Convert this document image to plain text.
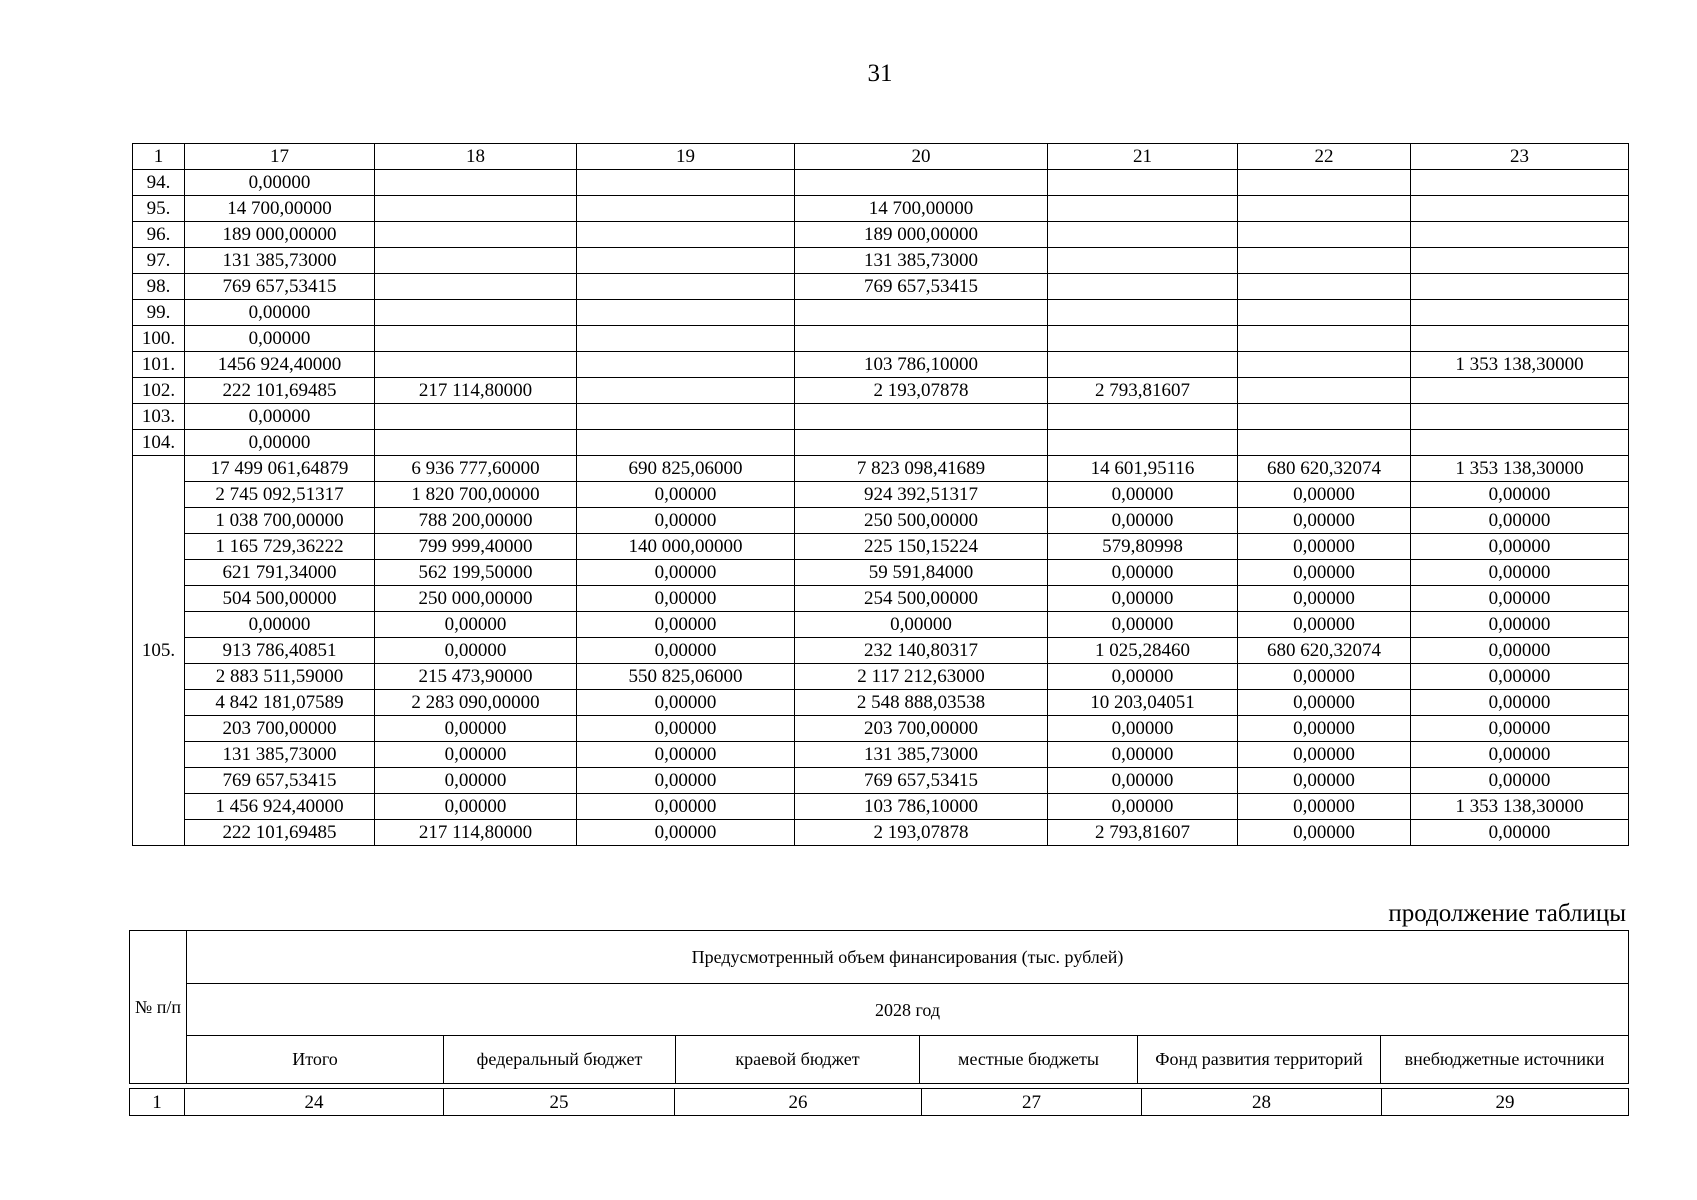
31
1	17	18	19	20	21	22	23
94.	0,00000						
95.	14 700,00000			14 700,00000			
96.	189 000,00000			189 000,00000			
97.	131 385,73000			131 385,73000			
98.	769 657,53415			769 657,53415			
99.	0,00000						
100.	0,00000						
101.	1456 924,40000			103 786,10000			1 353 138,30000
102.	222 101,69485	217 114,80000		2 193,07878	2 793,81607		
103.	0,00000						
104.	0,00000						
105.	17 499 061,64879	6 936 777,60000	690 825,06000	7 823 098,41689	14 601,95116	680 620,32074	1 353 138,30000
	2 745 092,51317	1 820 700,00000	0,00000	924 392,51317	0,00000	0,00000	0,00000
	1 038 700,00000	788 200,00000	0,00000	250 500,00000	0,00000	0,00000	0,00000
	1 165 729,36222	799 999,40000	140 000,00000	225 150,15224	579,80998	0,00000	0,00000
	621 791,34000	562 199,50000	0,00000	59 591,84000	0,00000	0,00000	0,00000
	504 500,00000	250 000,00000	0,00000	254 500,00000	0,00000	0,00000	0,00000
	0,00000	0,00000	0,00000	0,00000	0,00000	0,00000	0,00000
	913 786,40851	0,00000	0,00000	232 140,80317	1 025,28460	680 620,32074	0,00000
	2 883 511,59000	215 473,90000	550 825,06000	2 117 212,63000	0,00000	0,00000	0,00000
	4 842 181,07589	2 283 090,00000	0,00000	2 548 888,03538	10 203,04051	0,00000	0,00000
	203 700,00000	0,00000	0,00000	203 700,00000	0,00000	0,00000	0,00000
	131 385,73000	0,00000	0,00000	131 385,73000	0,00000	0,00000	0,00000
	769 657,53415	0,00000	0,00000	769 657,53415	0,00000	0,00000	0,00000
	1 456 924,40000	0,00000	0,00000	103 786,10000	0,00000	0,00000	1 353 138,30000
	222 101,69485	217 114,80000	0,00000	2 193,07878	2 793,81607	0,00000	0,00000
продолжение таблицы
№ п/п	Предусмотренный объем финансирования (тыс. рублей)					
	2028 год					
	Итого	федеральный бюджет	краевой бюджет	местные бюджеты	Фонд развития территорий	внебюджетные источники
1	24	25	26	27	28	29
